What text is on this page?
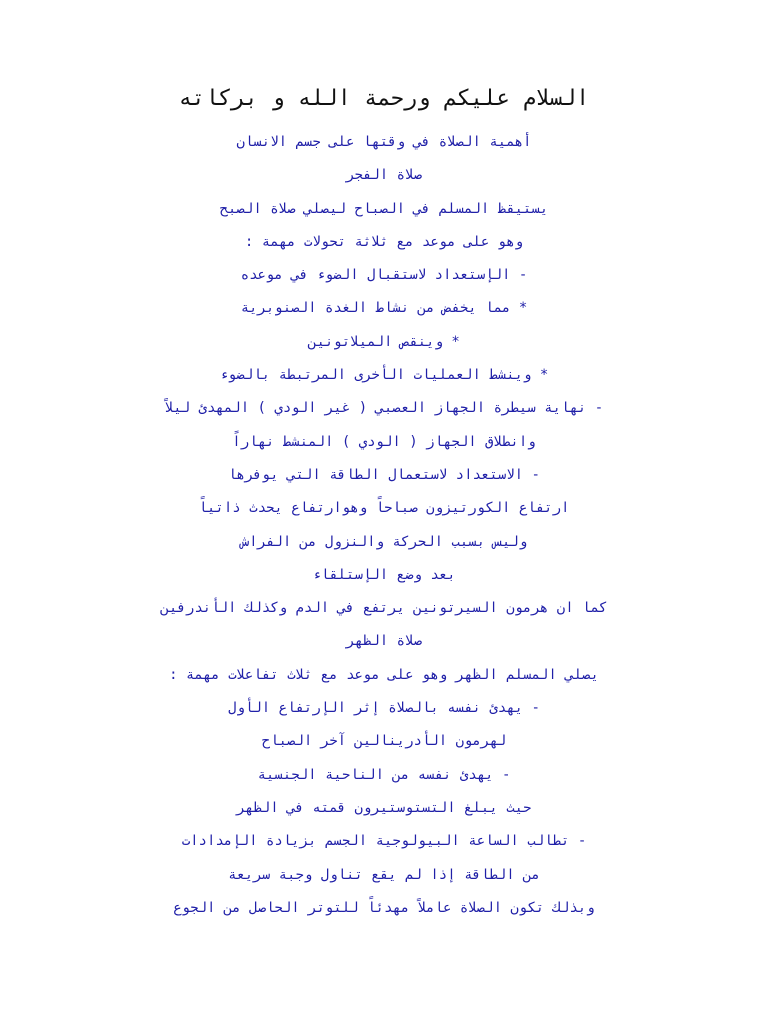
السلام عليكم ورحمة الله و بركاته
أهمية الصلاة في وقتها على جسم الانسان
صلاة الفجر
يستيقظ المسلم في الصباح ليصلي صلاة الصبح
وهو على موعد مع ثلاثة تحولات مهمة :
- الإستعداد لاستقبال الضوء في موعده
* مما يخفض من نشاط الغدة الصنوبرية
* وينقص الميلاتونين
* وينشط العمليات الأخرى المرتبطة بالضوء
- نهاية سيطرة الجهاز العصبي ( غير الودي ) المهدئ ليلاً
وانطلاق الجهاز ( الودي ) المنشط نهاراً
- الاستعداد لاستعمال الطاقة التي يوفرها
ارتفاع الكورتيزون صباحاً وهوارتفاع يحدث ذاتياً
وليس بسبب الحركة والنزول من الفراش
بعد وضع الإستلقاء
كما ان هرمون السيرتونين يرتفع في الدم وكذلك الأندرفين
صلاة الظهر
يصلي المسلم الظهر وهو على موعد مع ثلاث تفاعلات مهمة :
- يهدئ نفسه بالصلاة إثر الإرتفاع الأول
لهرمون الأدرينالين آخر الصباح
- يهدئ نفسه من الناحية الجنسية
حيث يبلغ التستوستيرون قمته في الظهر
- تطالب الساعة البيولوجية الجسم بزيادة الإمدادات
من الطاقة إذا لم يقع تناول وجبة سريعة
وبذلك تكون الصلاة عاملاً مهدئاً للتوتر الحاصل من الجوع
